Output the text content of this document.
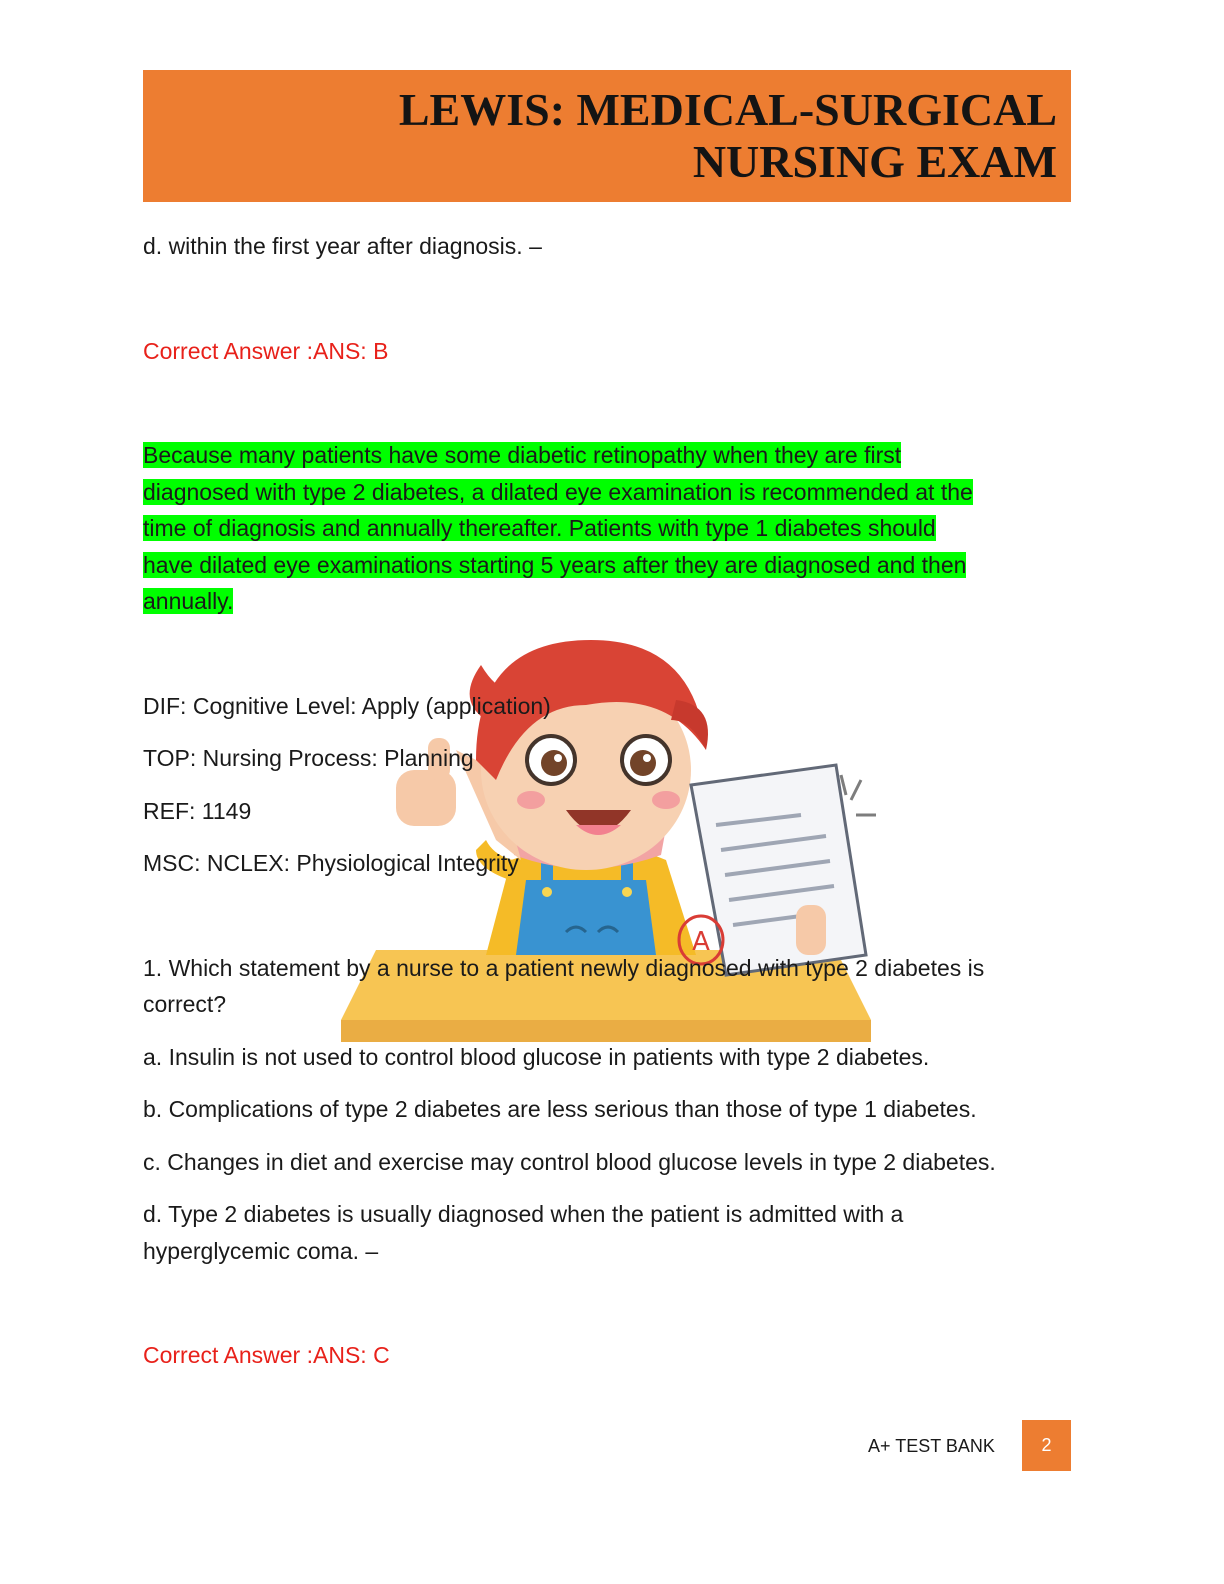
LEWIS: MEDICAL-SURGICAL

NURSING EXAM

A

d. within the first year after diagnosis. –

Correct Answer :ANS: B

Because many patients have some diabetic retinopathy when they are first
diagnosed with type 2 diabetes, a dilated eye examination is recommended at the
time of diagnosis and annually thereafter. Patients with type 1 diabetes should
have dilated eye examinations starting 5 years after they are diagnosed and then
annually.

DIF: Cognitive Level: Apply (application)

TOP: Nursing Process: Planning

REF: 1149

MSC: NCLEX: Physiological Integrity

1. Which statement by a nurse to a patient newly diagnosed with type 2 diabetes is
correct?

a. Insulin is not used to control blood glucose in patients with type 2 diabetes.

b. Complications of type 2 diabetes are less serious than those of type 1 diabetes.

c. Changes in diet and exercise may control blood glucose levels in type 2 diabetes.

d. Type 2 diabetes is usually diagnosed when the patient is admitted with a
hyperglycemic coma. –

Correct Answer :ANS: C

A+ TEST BANK	2
